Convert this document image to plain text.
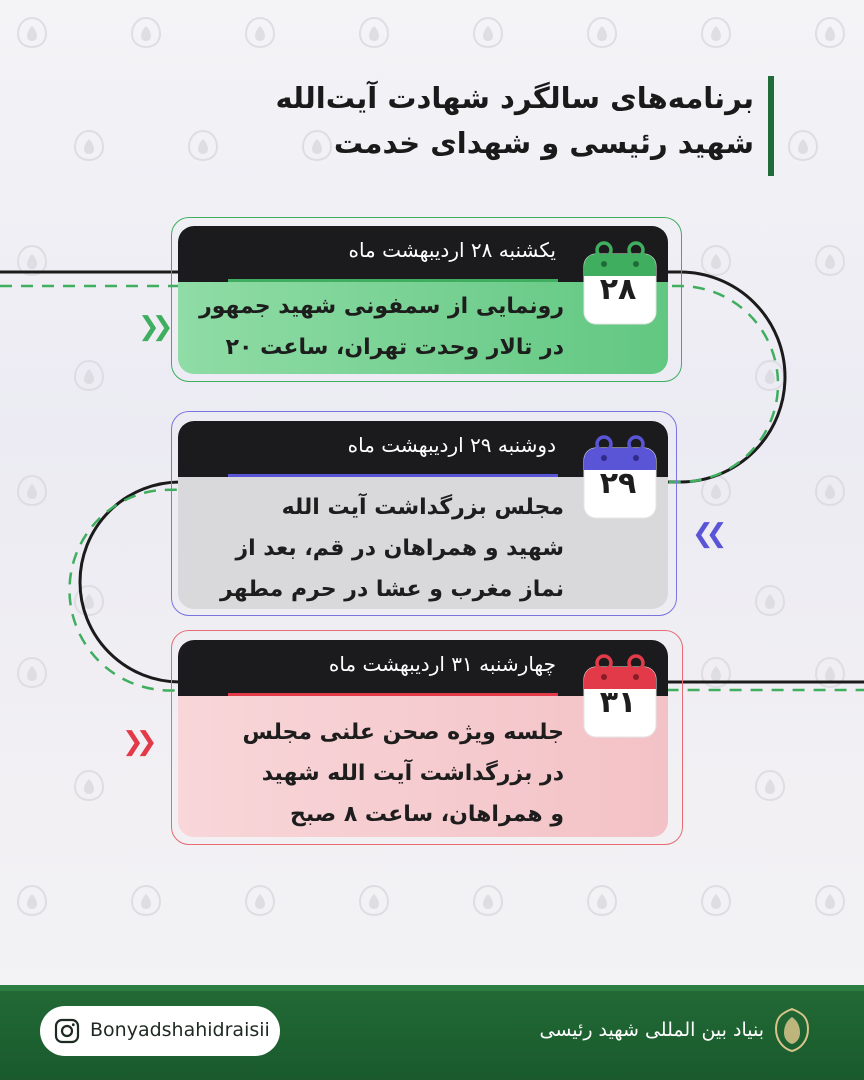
برنامه‌های سالگرد شهادت آیت‌الله
شهید رئیسی و شهدای خدمت
یکشنبه ۲۸ اردیبهشت ماه
رونمایی از سمفونی شهید جمهور
در تالار وحدت تهران، ساعت ۲۰
۲۸
❯❯
دوشنبه ۲۹ اردیبهشت ماه
مجلس بزرگداشت آیت الله
شهید و همراهان در قم، بعد از
نماز مغرب و عشا در حرم مطهر
۲۹
❮❮
چهارشنبه ۳۱ اردیبهشت ماه
جلسه ویژه صحن علنی مجلس
در بزرگداشت آیت الله شهید
و همراهان، ساعت ۸ صبح
۳۱
❯❯
Bonyadshahidraisii	بنیاد بین المللی شهید رئیسی
